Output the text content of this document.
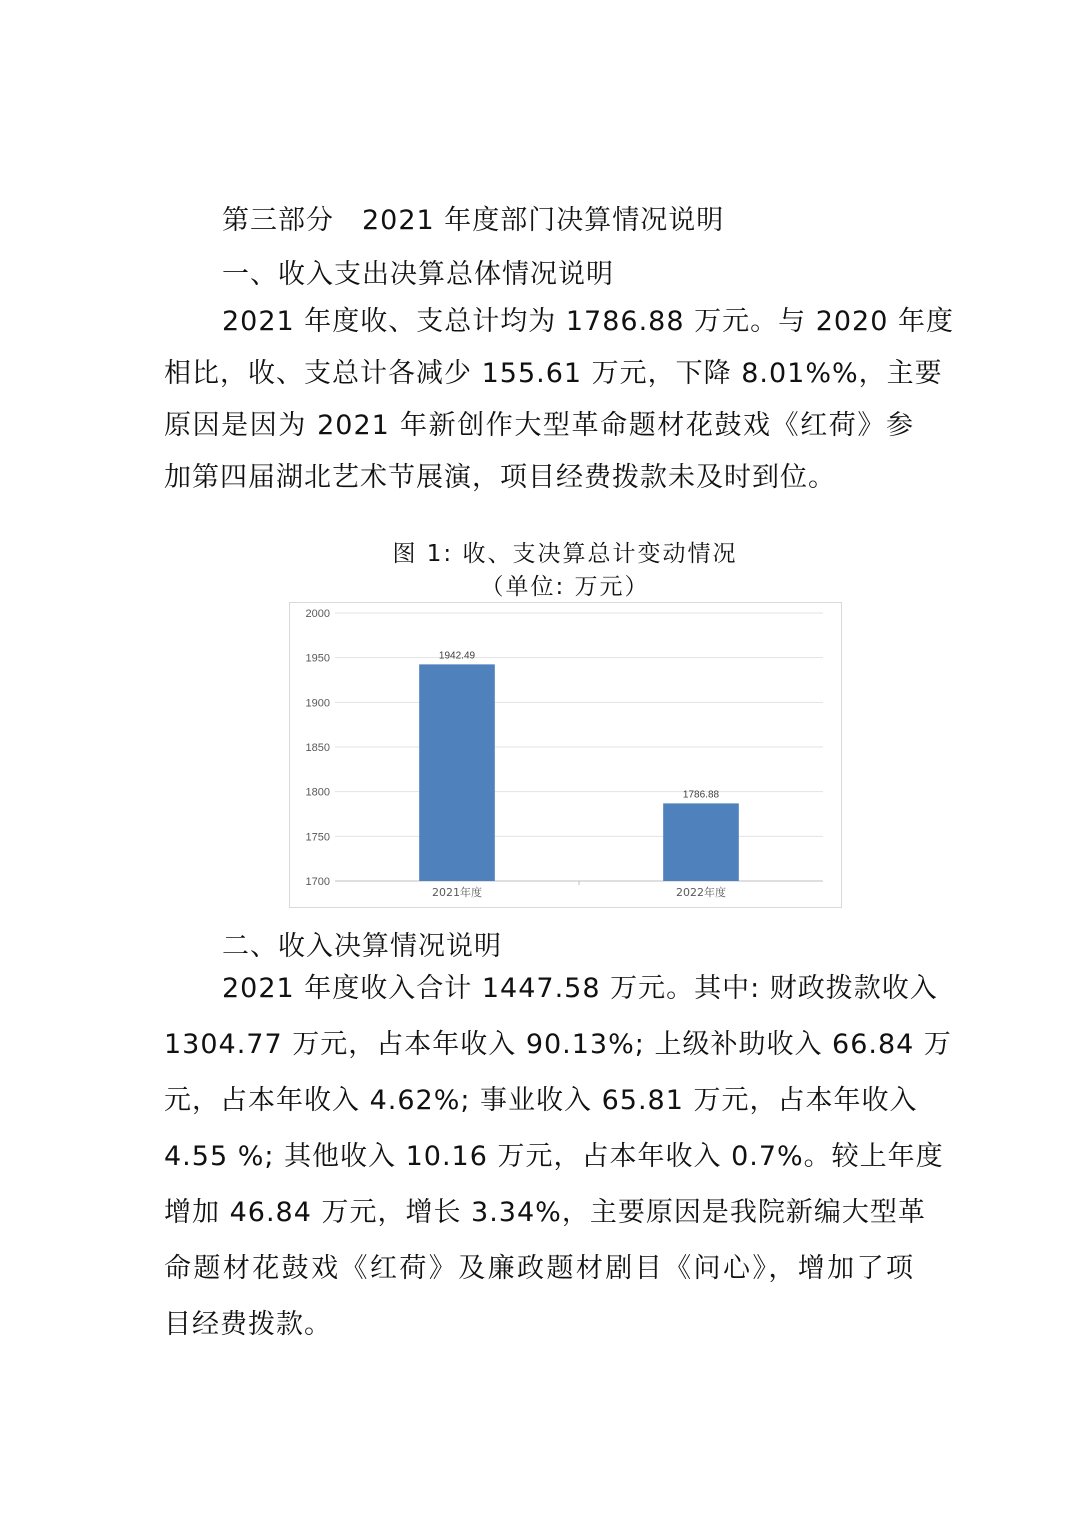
第三部分　2021 年度部门决算情况说明
一、收入支出决算总体情况说明
2021 年度收、支总计均为 1786.88 万元。与 2020 年度
相比，收、支总计各减少 155.61 万元，下降 8.01%%，主要
原因是因为 2021 年新创作大型革命题材花鼓戏《红荷》参
加第四届湖北艺术节展演，项目经费拨款未及时到位。
图 1: 收、支决算总计变动情况
（单位: 万元）
1700
1750
1800
1850
1900
1950
2000
1942.49
2021年度
1786.88
2022年度
二、收入决算情况说明
2021 年度收入合计 1447.58 万元。其中: 财政拨款收入
1304.77 万元，占本年收入 90.13%; 上级补助收入 66.84 万
元，占本年收入 4.62%; 事业收入 65.81 万元，占本年收入
4.55 %; 其他收入 10.16 万元，占本年收入 0.7%。较上年度
增加 46.84 万元，增长 3.34%，主要原因是我院新编大型革
命题材花鼓戏《红荷》及廉政题材剧目《问心》，增加了项
目经费拨款。
